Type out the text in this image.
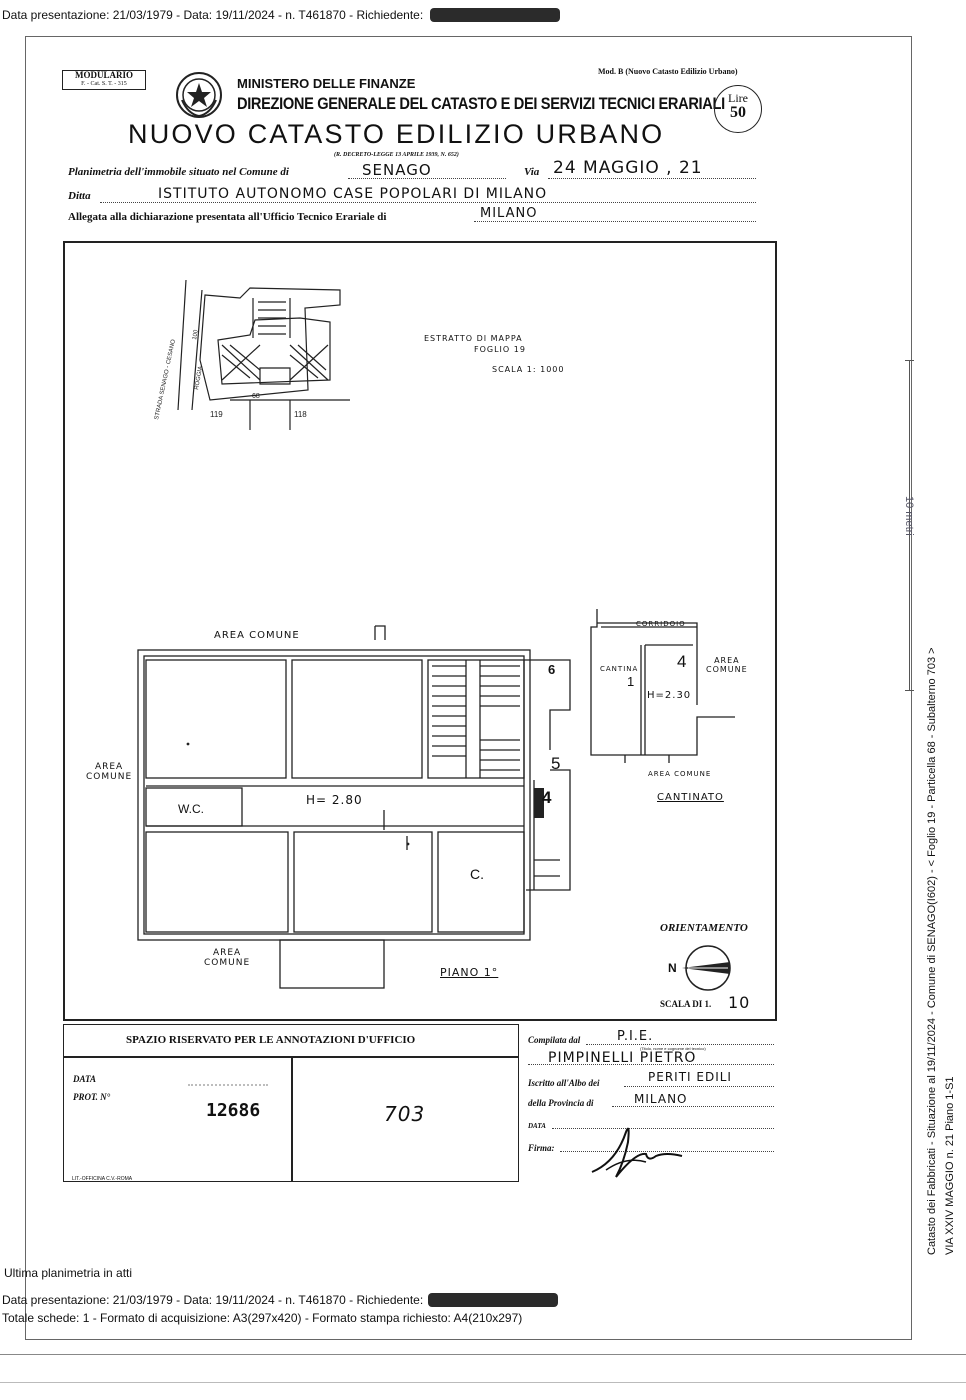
Data presentazione: 21/03/1979 - Data: 19/11/2024 - n. T461870 - Richiedente:
MODULARIO
F. - Cat. S. T. - 315
Mod. B (Nuovo Catasto Edilizio Urbano)
MINISTERO DELLE FINANZE
DIREZIONE GENERALE DEL CATASTO E DEI SERVIZI TECNICI ERARIALI Lire
50
NUOVO CATASTO EDILIZIO URBANO
(R. DECRETO-LEGGE 13 APRILE 1939, N. 652)
Planimetria dell'immobile situato nel Comune di	SENAGO	Via 24 MAGGIO , 21
Ditta	ISTITUTO AUTONOMO CASE POPOLARI DI MILANO
Allegata alla dichiarazione presentata all'Ufficio Tecnico Erariale di	MILANO
119	118
68
STRADA SENAGO - CESANO	ROGGIA
100	ESTRATTO DI MAPPA
FOGLIO 19
SCALA 1: 1000
AREA COMUNE
AREA
COMUNE
W.C.
H= 2.80
C.
6
5
4
AREA
COMUNE
PIANO 1°
CORRIDOIO
CANTINA
1
4
H=2.30
AREA
COMUNE
AREA COMUNE
CANTINATO
ORIENTAMENTO
N
SCALA DI 1. 10
SPAZIO RISERVATO PER LE ANNOTAZIONI D'UFFICIO
DATA
PROT. N°
12686	703
LIT.-OFFICINA C.V.-ROMA
Compilata dal	P.I.E.
(Titolo, nome e cognome del tecnico)
PIMPINELLI PIETRO
Iscritto all'Albo dei	PERITI EDILI
della Provincia di	MILANO
DATA
Firma:
10 metri
Catasto dei Fabbricati - Situazione al 19/11/2024 - Comune di SENAGO(I602) - < Foglio 19 - Particella 68 - Subalterno 703 > VIA XXIV MAGGIO n. 21 Piano 1-S1
Ultima planimetria in atti
Data presentazione: 21/03/1979 - Data: 19/11/2024 - n. T461870 - Richiedente:
Totale schede: 1 - Formato di acquisizione: A3(297x420) - Formato stampa richiesto: A4(210x297)
